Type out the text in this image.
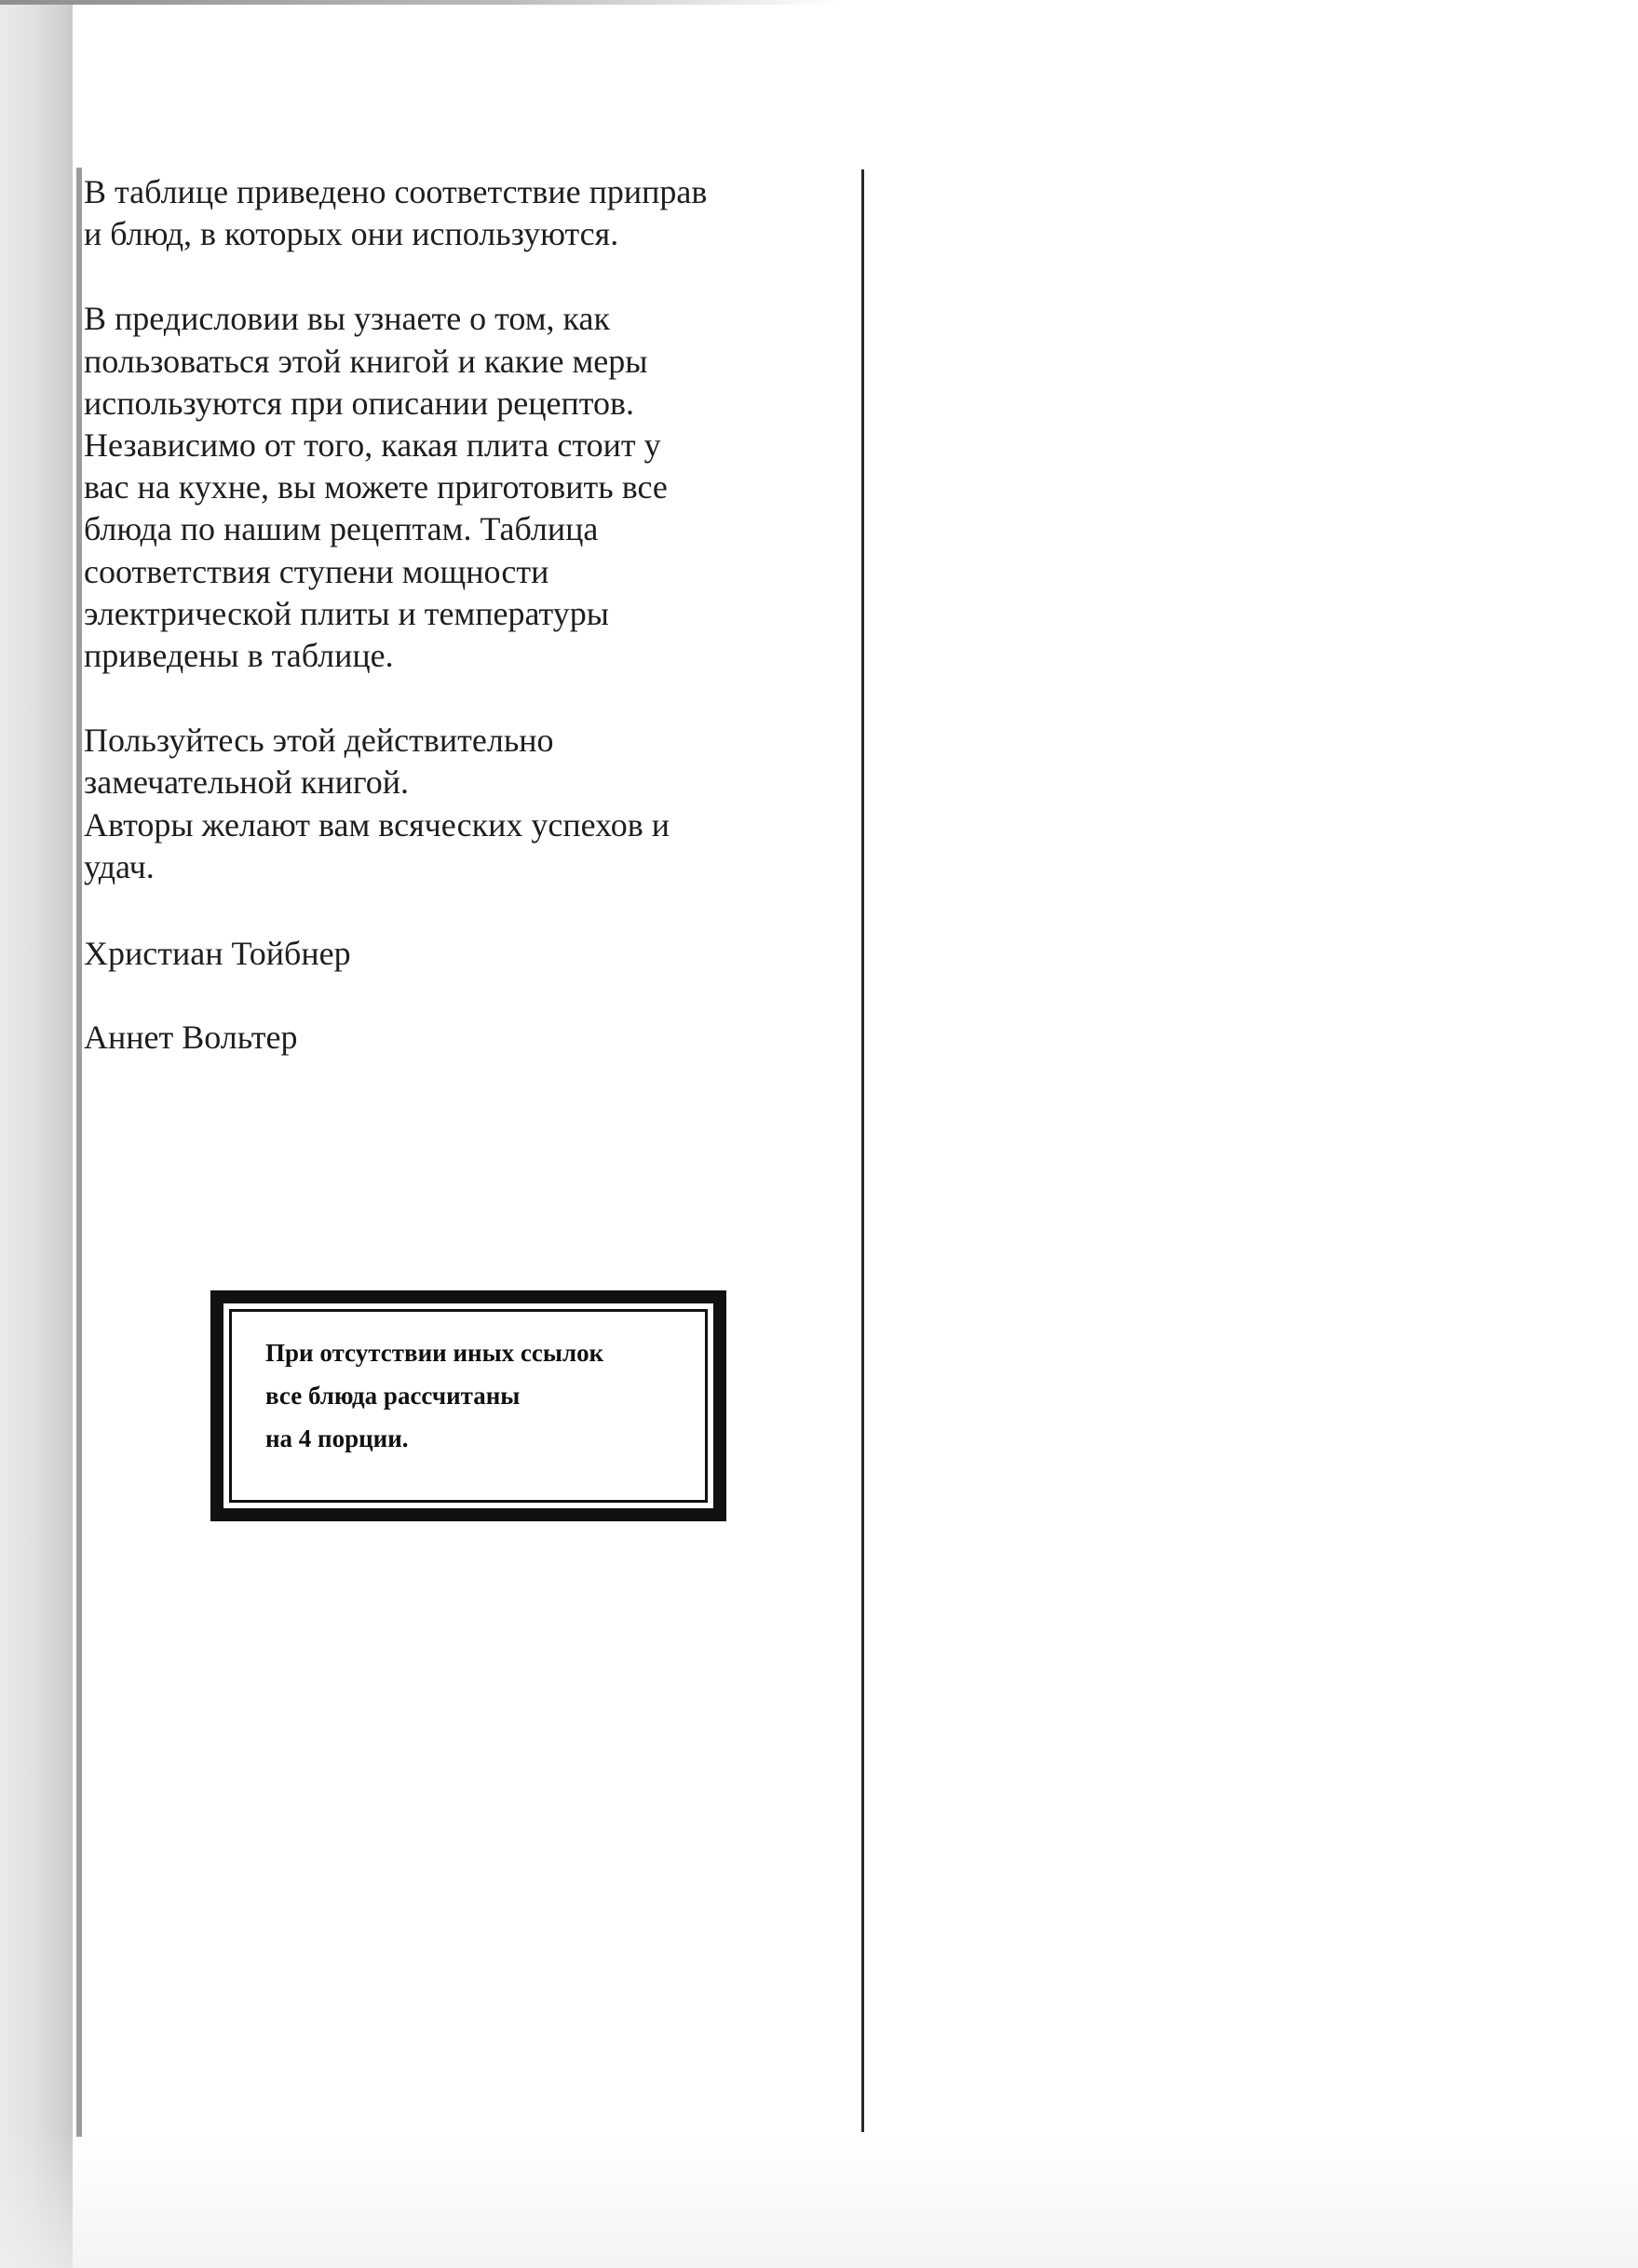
В таблице приведено соответствие приправ
и блюд, в которых они используются.

В предисловии вы узнаете о том, как
пользоваться этой книгой и какие меры
используются при описании рецептов.
Независимо от того, какая плита стоит у
вас на кухне, вы можете приготовить все
блюда по нашим рецептам. Таблица
соответствия ступени мощности
электрической плиты и температуры
приведены в таблице.

Пользуйтесь этой действительно
замечательной книгой.
Авторы желают вам всяческих успехов и
удач.

Христиан Тойбнер

Аннет Вольтер

При отсутствии иных ссылок
все блюда рассчитаны
на 4 порции.
